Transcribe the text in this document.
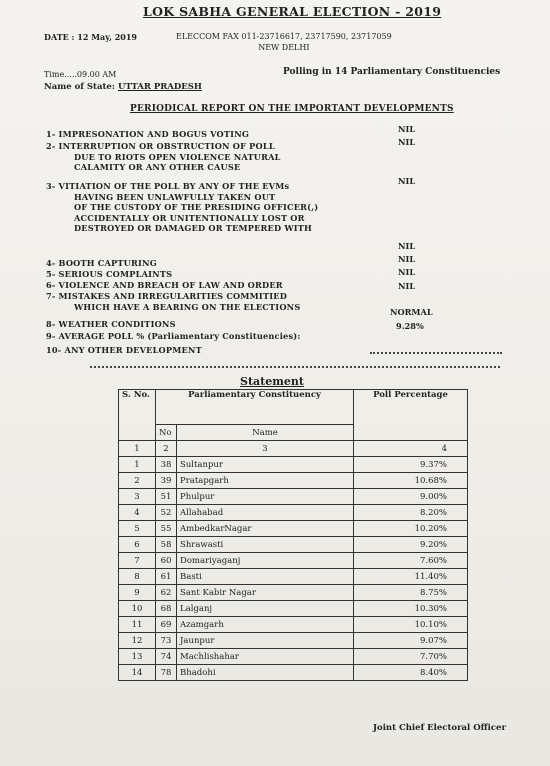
LOK SABHA GENERAL ELECTION - 2019
DATE : 12 May, 2019	ELECCOM FAX 011-23716617, 23717590, 23717059
NEW DELHI
Time.....09.00 AM
Name of State: UTTAR PRADESH
Polling in 14 Parliamentary Constituencies
PERIODICAL REPORT ON THE IMPORTANT DEVELOPMENTS
1- IMPRESONATION AND BOGUS VOTING	NIL
2- INTERRUPTION OR OBSTRUCTION OF POLL
DUE TO RIOTS OPEN VIOLENCE NATURAL
CALAMITY OR ANY OTHER CAUSE
NIL
3- VITIATION OF THE POLL BY ANY OF THE EVMs
HAVING BEEN UNLAWFULLY TAKEN OUT
OF THE CUSTODY OF THE PRESIDING OFFICER(,)
ACCIDENTALLY OR UNITENTIONALLY LOST OR
DESTROYED OR DAMAGED OR TEMPERED WITH
NIL
4- BOOTH CAPTURING
NIL
5- SERIOUS COMPLAINTS
NIL
6- VIOLENCE AND BREACH OF LAW AND ORDER
NIL
7- MISTAKES AND IRREGULARITIES COMMITIED
WHICH HAVE A BEARING ON THE ELECTIONS
NIL
8- WEATHER CONDITIONS
NORMAL
9- AVERAGE POLL % (Parliamentary Constituencies):
9.28%
10- ANY OTHER DEVELOPMENT
Statement
S. No.	Parliamentary Constituency		Poll Percentage
	No	Name	
1	2	3	4
1	38	Sultanpur	9.37%
2	39	Pratapgarh	10.68%
3	51	Phulpur	9.00%
4	52	Allahabad	8.20%
5	55	AmbedkarNagar	10.20%
6	58	Shrawasti	9.20%
7	60	Domariyaganj	7.60%
8	61	Basti	11.40%
9	62	Sant Kabir Nagar	8.75%
10	68	Lalganj	10.30%
11	69	Azamgarh	10.10%
12	73	Jaunpur	9.07%
13	74	Machlishahar	7.70%
14	78	Bhadohi	8.40%
Joint Chief Electoral Officer
